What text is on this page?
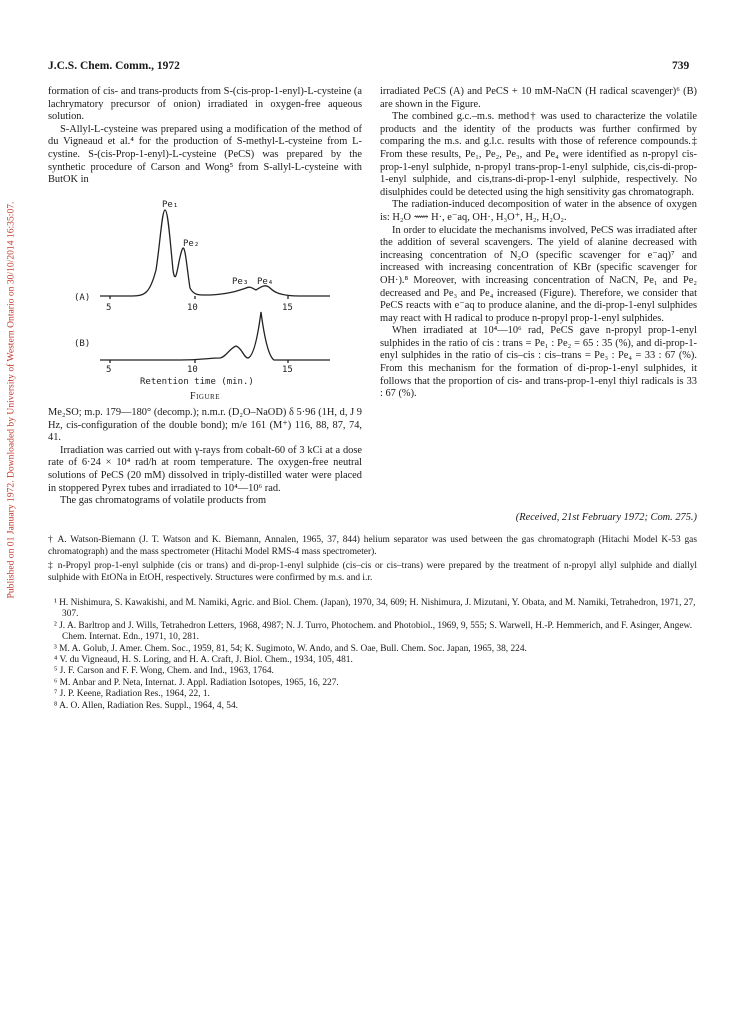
Published on 01 January 1972. Downloaded by University of Western Ontario on 30/10/2014 16:35:07.
J.C.S. Chem. Comm., 1972	739

formation of cis- and trans-products from S-(cis-prop-1-enyl)-L-cysteine (a lachrymatory precursor of onion) irradiated in oxygen-free aqueous solution.

S-Allyl-L-cysteine was prepared using a modification of the method of du Vigneaud et al.⁴ for the production of S-methyl-L-cysteine from L-cystine. S-(cis-Prop-1-enyl)-L-cysteine (PeCS) was prepared by the synthetic procedure of Carson and Wong⁵ from S-allyl-L-cysteine with ButOK in

Pe₁
Pe₂
Pe₃ Pe₄
(A)
(B)
5	10	15
5	10	15
Retention time (min.)
Figure

Me₂SO; m.p. 179—180° (decomp.); n.m.r. (D₂O–NaOD) δ 5·96 (1H, d, J 9 Hz, cis-configuration of the double bond); m/e 161 (M⁺) 116, 88, 87, 74, 41.

Irradiation was carried out with γ-rays from cobalt-60 of 3 kCi at a dose rate of 6·24 × 10⁴ rad/h at room temperature. The oxygen-free neutral solutions of PeCS (20 mM) dissolved in triply-distilled water were placed in stoppered Pyrex tubes and irradiated to 10⁴—10⁶ rad.

The gas chromatograms of volatile products from

irradiated PeCS (A) and PeCS + 10 mM-NaCN (H radical scavenger)⁶ (B) are shown in the Figure.

The combined g.c.–m.s. method† was used to characterize the volatile products and the identity of the products was further confirmed by comparing the m.s. and g.l.c. results with those of reference compounds.‡ From these results, Pe₁, Pe₂, Pe₃, and Pe₄ were identified as n-propyl cis-prop-1-enyl sulphide, n-propyl trans-prop-1-enyl sulphide, cis,cis-di-prop-1-enyl sulphide, and cis,trans-di-prop-1-enyl sulphide, respectively. No disulphides could be detected using the high sensitivity gas chromatograph.

The radiation-induced decomposition of water in the absence of oxygen is: H₂O ⟿ H·, e⁻aq, OH·, H₃O⁺, H₂, H₂O₂.

In order to elucidate the mechanisms involved, PeCS was irradiated after the addition of several scavengers. The yield of alanine decreased with increasing concentration of N₂O (specific scavenger for e⁻aq)⁷ and increased with increasing concentration of KBr (specific scavenger for OH·).⁸ Moreover, with increasing concentration of NaCN, Pe₁ and Pe₂ decreased and Pe₃ and Pe₄ increased (Figure). Therefore, we consider that PeCS reacts with e⁻aq to produce alanine, and the di-prop-1-enyl sulphides may react with H radical to produce n-propyl prop-1-enyl sulphides.

When irradiated at 10⁴—10⁶ rad, PeCS gave n-propyl prop-1-enyl sulphides in the ratio of cis : trans = Pe₁ : Pe₂ = 65 : 35 (%), and di-prop-1-enyl sulphides in the ratio of cis–cis : cis–trans = Pe₃ : Pe₄ = 33 : 67 (%). From this mechanism for the formation of di-prop-1-enyl sulphides, it follows that the proportion of cis- and trans-prop-1-enyl thiyl radicals is 33 : 67 (%).

(Received, 21st February 1972; Com. 275.)

† A. Watson-Biemann (J. T. Watson and K. Biemann, Annalen, 1965, 37, 844) helium separator was used between the gas chromatograph (Hitachi Model K-53 gas chromatograph) and the mass spectrometer (Hitachi Model RMS-4 mass spectrometer).

‡ n-Propyl prop-1-enyl sulphide (cis or trans) and di-prop-1-enyl sulphide (cis–cis or cis–trans) were prepared by the treatment of n-propyl allyl sulphide and diallyl sulphide with EtONa in EtOH, respectively. Structures were confirmed by m.s. and i.r.

¹ H. Nishimura, S. Kawakishi, and M. Namiki, Agric. and Biol. Chem. (Japan), 1970, 34, 609; H. Nishimura, J. Mizutani, Y. Obata, and M. Namiki, Tetrahedron, 1971, 27, 307.

² J. A. Barltrop and J. Wills, Tetrahedron Letters, 1968, 4987; N. J. Turro, Photochem. and Photobiol., 1969, 9, 555; S. Warwell, H.-P. Hemmerich, and F. Asinger, Angew. Chem. Internat. Edn., 1971, 10, 281.

³ M. A. Golub, J. Amer. Chem. Soc., 1959, 81, 54; K. Sugimoto, W. Ando, and S. Oae, Bull. Chem. Soc. Japan, 1965, 38, 224.

⁴ V. du Vigneaud, H. S. Loring, and H. A. Craft, J. Biol. Chem., 1934, 105, 481.

⁵ J. F. Carson and F. F. Wong, Chem. and Ind., 1963, 1764.

⁶ M. Anbar and P. Neta, Internat. J. Appl. Radiation Isotopes, 1965, 16, 227.

⁷ J. P. Keene, Radiation Res., 1964, 22, 1.

⁸ A. O. Allen, Radiation Res. Suppl., 1964, 4, 54.
